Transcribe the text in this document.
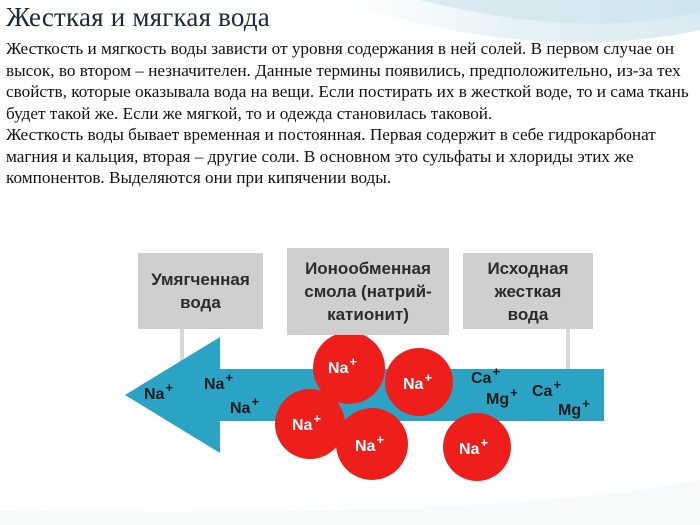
Жесткая и мягкая вода

Жесткость и мягкость воды зависти от уровня содержания в ней солей. В первом случае он высок, во втором – незначителен. Данные термины появились, предположительно, из-за тех свойств, которые оказывала вода на вещи. Если постирать их в жесткой воде, то и сама ткань будет такой же. Если же мягкой, то и одежда становилась таковой.

Жесткость воды бывает временная и постоянная. Первая содержит в себе гидрокарбонат магния и кальция, вторая – другие соли. В основном это сульфаты и хлориды этих же компонентов. Выделяются они при кипячении воды.

Умягченная
вода
Ионообменная
смола (натрий-
катионит)
Исходная
жесткая
вода
Na+ Na+
Na+
Na+
Na+
Na+
Na+
Na+
Ca+
Mg+ Ca+
Mg+
